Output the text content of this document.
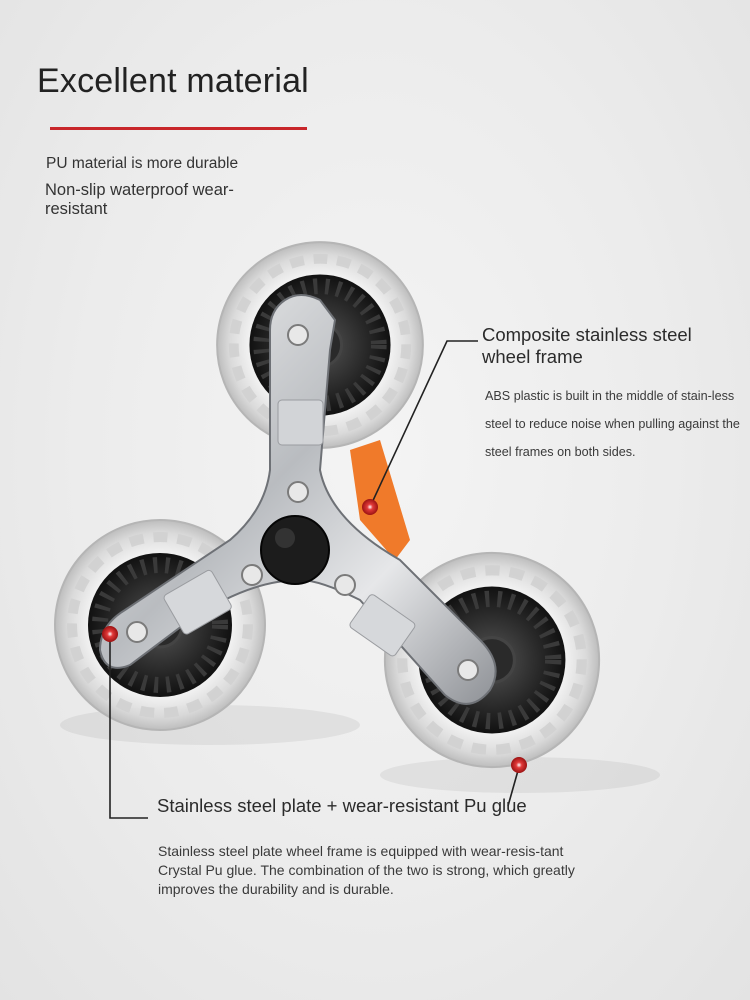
Excellent material
PU material is more durable
Non-slip waterproof wear-resistant
Composite stainless steel wheel frame
ABS plastic is built in the middle of stain-less steel to reduce noise when pulling against the steel frames on both sides.
Stainless steel plate + wear-resistant Pu glue
Stainless steel plate wheel frame is equipped with wear-resis-tant Crystal Pu glue. The combination of the two is strong, which greatly improves the durability and is durable.
